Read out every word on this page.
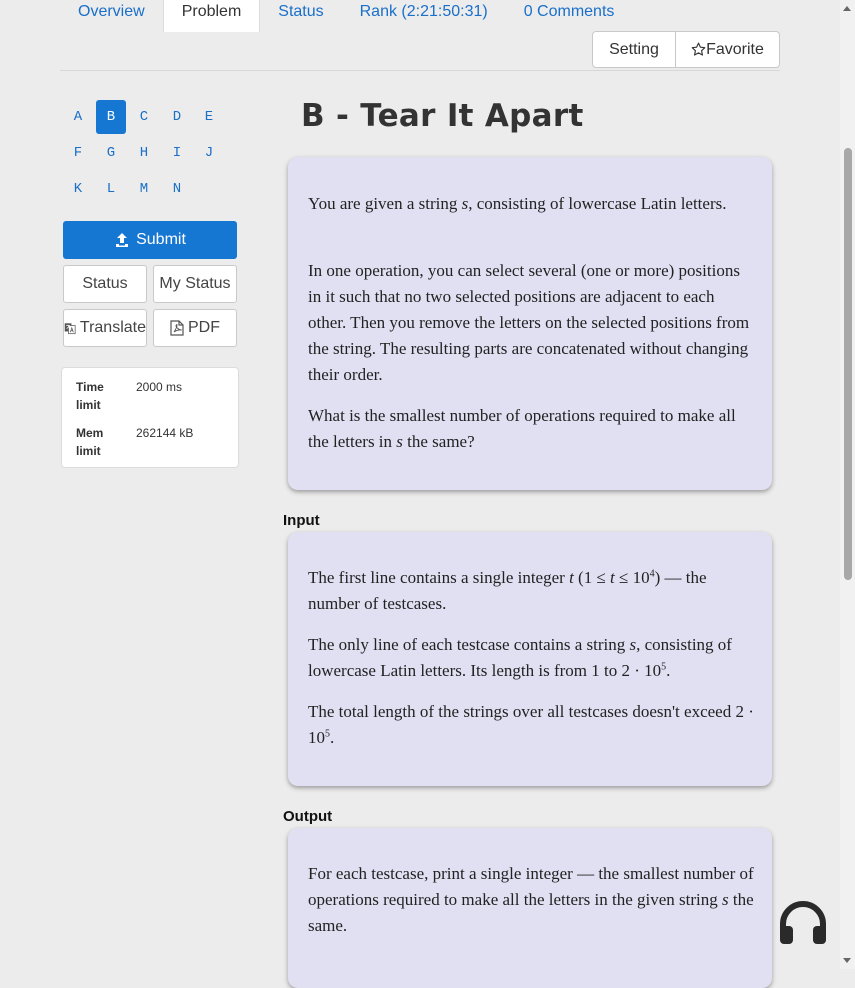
Overview	Problem	Status	Rank (2:21:50:31)	0 Comments
Setting	Favorite
A	B	C	D	E
F	G	H	I	J
K	L	M	N
Submit
Status	My Status
Translate	PDF
Time limit
2000 ms
Mem limit
262144 kB
B - Tear It Apart

You are given a string s, consisting of lowercase Latin letters.

In one operation, you can select several (one or more) positions in it such that no two selected positions are adjacent to each other. Then you remove the letters on the selected positions from the string. The resulting parts are concatenated without changing their order.

What is the smallest number of operations required to make all the letters in s the same?

Input

The first line contains a single integer t $(1 \le t \le 10^4)$ — the number of testcases.

The only line of each testcase contains a string s, consisting of lowercase Latin letters. Its length is from 1 to $2 \cdot 10^5$.

The total length of the strings over all testcases doesn't exceed $2 \cdot 10^5$.

Output

For each testcase, print a single integer — the smallest number of operations required to make all the letters in the given string s the same.
